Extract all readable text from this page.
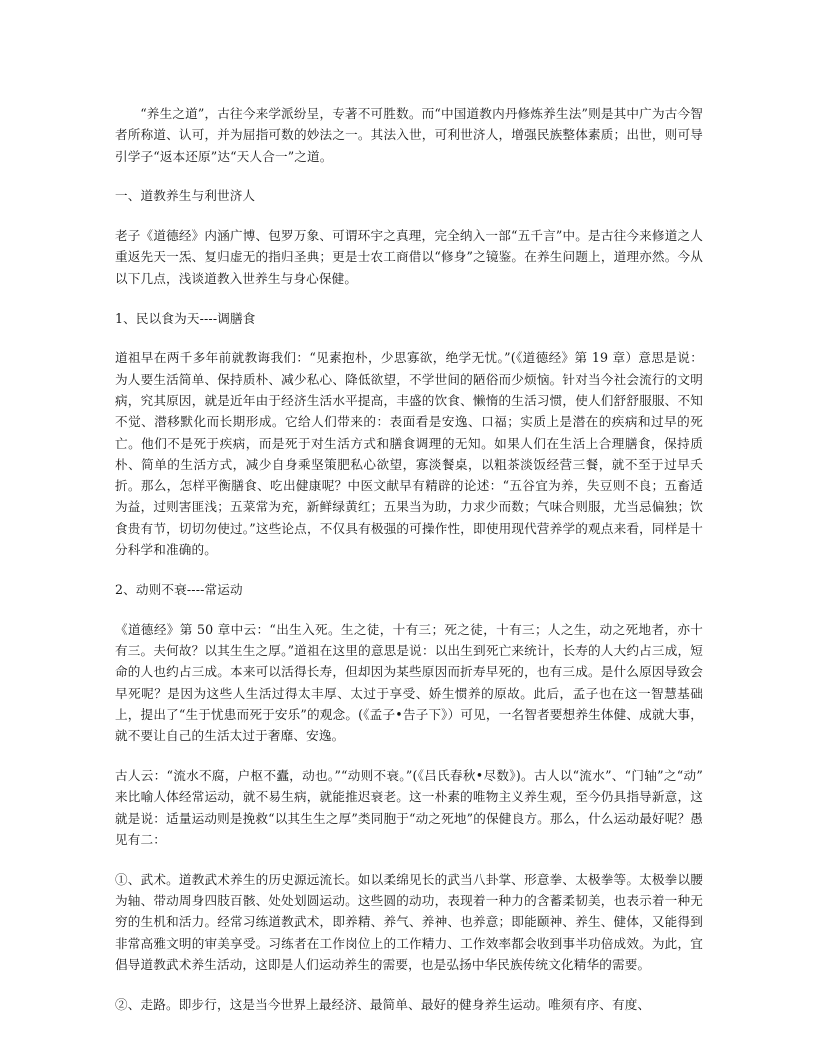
“养生之道”，古往今来学派纷呈，专著不可胜数。而“中国道教内丹修炼养生法”则是其中广为古今智者所称道、认可，并为屈指可数的妙法之一。其法入世，可利世济人，增强民族整体素质；出世，则可导引学子“返本还原”达“天人合一”之道。

一、道教养生与利世济人

老子《道德经》内涵广博、包罗万象、可谓环宇之真理，完全纳入一部“五千言”中。是古往今来修道之人重返先天一炁、复归虚无的指归圣典；更是士农工商借以“修身”之镜鉴。在养生问题上，道理亦然。今从以下几点，浅谈道教入世养生与身心保健。

1、民以食为天----调膳食

道祖早在两千多年前就教诲我们：“见素抱朴，少思寡欲，绝学无忧。”(《道德经》第 19 章）意思是说：为人要生活简单、保持质朴、减少私心、降低欲望，不学世间的陋俗而少烦恼。针对当今社会流行的文明病，究其原因，就是近年由于经济生活水平提高，丰盛的饮食、懒惰的生活习惯，使人们舒舒服服、不知不觉、潜移默化而长期形成。它给人们带来的：表面看是安逸、口福；实质上是潜在的疾病和过早的死亡。他们不是死于疾病，而是死于对生活方式和膳食调理的无知。如果人们在生活上合理膳食，保持质朴、简单的生活方式，减少自身乘坚策肥私心欲望，寡淡餐桌，以粗茶淡饭经营三餐，就不至于过早夭折。那么，怎样平衡膳食、吃出健康呢？中医文献早有精辟的论述：“五谷宜为养，失豆则不良；五畜适为益，过则害匪浅；五菜常为充，新鲜绿黄红；五果当为助，力求少而数；气味合则服，尤当忌偏独；饮食贵有节，切切勿使过。”这些论点，不仅具有极强的可操作性，即使用现代营养学的观点来看，同样是十分科学和准确的。

2、动则不衰----常运动

《道德经》第 50 章中云：“出生入死。生之徒，十有三；死之徒，十有三；人之生，动之死地者，亦十有三。夫何故？以其生生之厚。”道祖在这里的意思是说：以出生到死亡来统计，长寿的人大约占三成，短命的人也约占三成。本来可以活得长寿，但却因为某些原因而折寿早死的，也有三成。是什么原因导致会早死呢？是因为这些人生活过得太丰厚、太过于享受、娇生惯养的原故。此后，孟子也在这一智慧基础上，提出了“生于忧患而死于安乐”的观念。(《孟子•告子下》）可见，一名智者要想养生体健、成就大事，就不要让自己的生活太过于奢靡、安逸。

古人云：“流水不腐，户枢不蠹，动也。”“动则不衰。”(《吕氏春秋•尽数》)。古人以“流水”、“门轴”之“动”来比喻人体经常运动，就不易生病，就能推迟衰老。这一朴素的唯物主义养生观，至今仍具指导新意，这就是说：适量运动则是挽救“以其生生之厚”类同胞于“动之死地”的保健良方。那么，什么运动最好呢？愚见有二：

①、武术。道教武术养生的历史源远流长。如以柔绵见长的武当八卦掌、形意拳、太极拳等。太极拳以腰为轴、带动周身四肢百骸、处处划圆运动。这些圆的动功，表现着一种力的含蓄柔韧美，也表示着一种无穷的生机和活力。经常习练道教武术，即养精、养气、养神、也养意；即能颐神、养生、健体，又能得到非常高雅文明的审美享受。习练者在工作岗位上的工作精力、工作效率都会收到事半功倍成效。为此，宜倡导道教武术养生活动，这即是人们运动养生的需要，也是弘扬中华民族传统文化精华的需要。

②、走路。即步行，这是当今世界上最经济、最简单、最好的健身养生运动。唯须有序、有度、
